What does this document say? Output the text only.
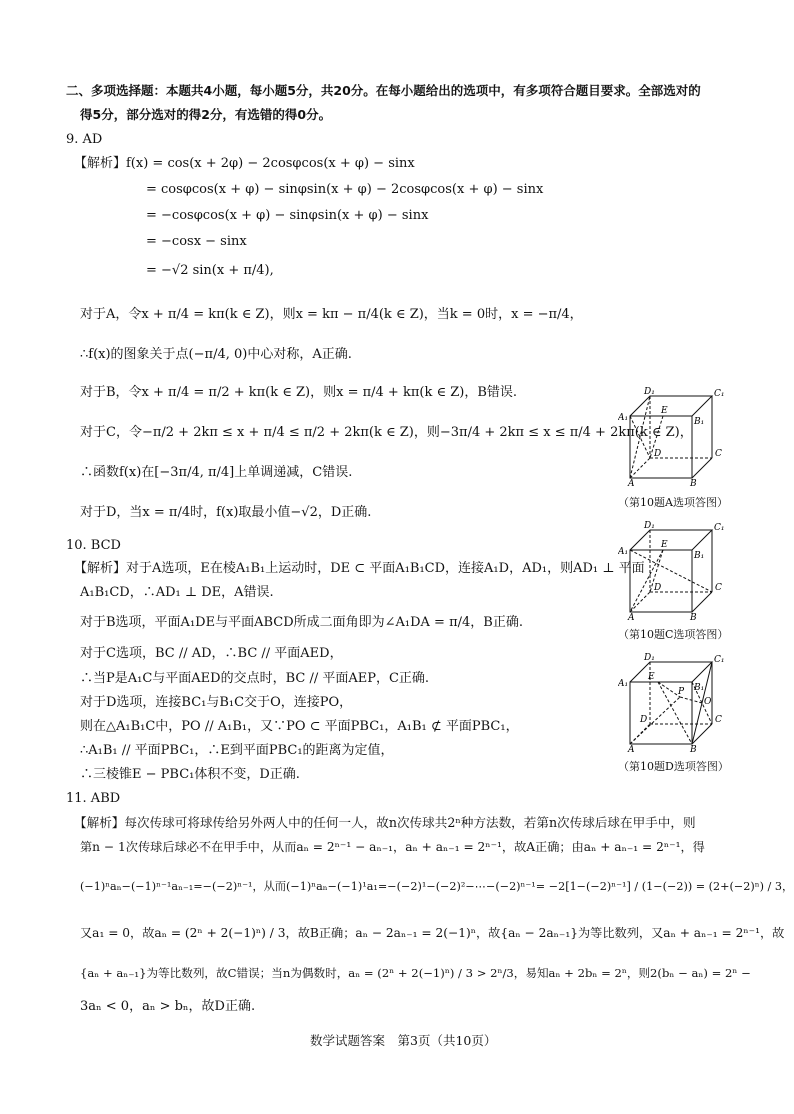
二、多项选择题：本题共4小题，每小题5分，共20分。在每小题给出的选项中，有多项符合题目要求。全部选对的
得5分，部分选对的得2分，有选错的得0分。
9. AD
【解析】f(x) = cos(x + 2φ) − 2cosφcos(x + φ) − sinx
= cosφcos(x + φ) − sinφsin(x + φ) − 2cosφcos(x + φ) − sinx
= −cosφcos(x + φ) − sinφsin(x + φ) − sinx
= −cosx − sinx
= −√2 sin(x + π/4),
对于A，令x + π/4 = kπ(k ∈ Z)，则x = kπ − π/4(k ∈ Z)，当k = 0时，x = −π/4，
∴f(x)的图象关于点(−π/4, 0)中心对称，A正确.
对于B，令x + π/4 = π/2 + kπ(k ∈ Z)，则x = π/4 + kπ(k ∈ Z)，B错误.
对于C，令−π/2 + 2kπ ≤ x + π/4 ≤ π/2 + 2kπ(k ∈ Z)，则−3π/4 + 2kπ ≤ x ≤ π/4 + 2kπ(k ∈ Z)，
∴函数f(x)在[−3π/4, π/4]上单调递减，C错误.
对于D，当x = π/4时，f(x)取最小值−√2，D正确.
10. BCD
【解析】对于A选项，E在棱A₁B₁上运动时，DE ⊂ 平面A₁B₁CD，连接A₁D，AD₁，则AD₁ ⊥ 平面
A₁B₁CD，∴AD₁ ⊥ DE，A错误.
对于B选项，平面A₁DE与平面ABCD所成二面角即为∠A₁DA = π/4，B正确.
对于C选项，BC // AD，∴BC // 平面AED，
∴当P是A₁C与平面AED的交点时，BC // 平面AEP，C正确.
对于D选项，连接BC₁与B₁C交于O，连接PO，
则在△A₁B₁C中，PO // A₁B₁，又∵PO ⊂ 平面PBC₁，A₁B₁ ⊄ 平面PBC₁，
∴A₁B₁ // 平面PBC₁，∴E到平面PBC₁的距离为定值，
∴三棱锥E − PBC₁体积不变，D正确.
D₁	C₁
A₁	B₁
E
D	C
A	B
（第10题A选项答图）
D₁	C₁
A₁	B₁
E
D	C
A	B
（第10题C选项答图）
D₁	C₁
A₁	B₁
E
P
O
D	C
A	B
（第10题D选项答图）
11. ABD
【解析】每次传球可将球传给另外两人中的任何一人，故n次传球共2ⁿ种方法数，若第n次传球后球在甲手中，则
第n − 1次传球后球必不在甲手中，从而aₙ = 2ⁿ⁻¹ − aₙ₋₁，aₙ + aₙ₋₁ = 2ⁿ⁻¹，故A正确；由aₙ + aₙ₋₁ = 2ⁿ⁻¹，得
(−1)ⁿaₙ−(−1)ⁿ⁻¹aₙ₋₁=−(−2)ⁿ⁻¹，从而(−1)ⁿaₙ−(−1)¹a₁=−(−2)¹−(−2)²−⋯−(−2)ⁿ⁻¹= −2[1−(−2)ⁿ⁻¹] / (1−(−2)) = (2+(−2)ⁿ) / 3，
又a₁ = 0，故aₙ = (2ⁿ + 2(−1)ⁿ) / 3，故B正确；aₙ − 2aₙ₋₁ = 2(−1)ⁿ，故{aₙ − 2aₙ₋₁}为等比数列，又aₙ + aₙ₋₁ = 2ⁿ⁻¹，故
{aₙ + aₙ₋₁}为等比数列，故C错误；当n为偶数时，aₙ = (2ⁿ + 2(−1)ⁿ) / 3 > 2ⁿ/3，易知aₙ + 2bₙ = 2ⁿ，则2(bₙ − aₙ) = 2ⁿ −
3aₙ < 0，aₙ > bₙ，故D正确.
数学试题答案　第3页（共10页）
